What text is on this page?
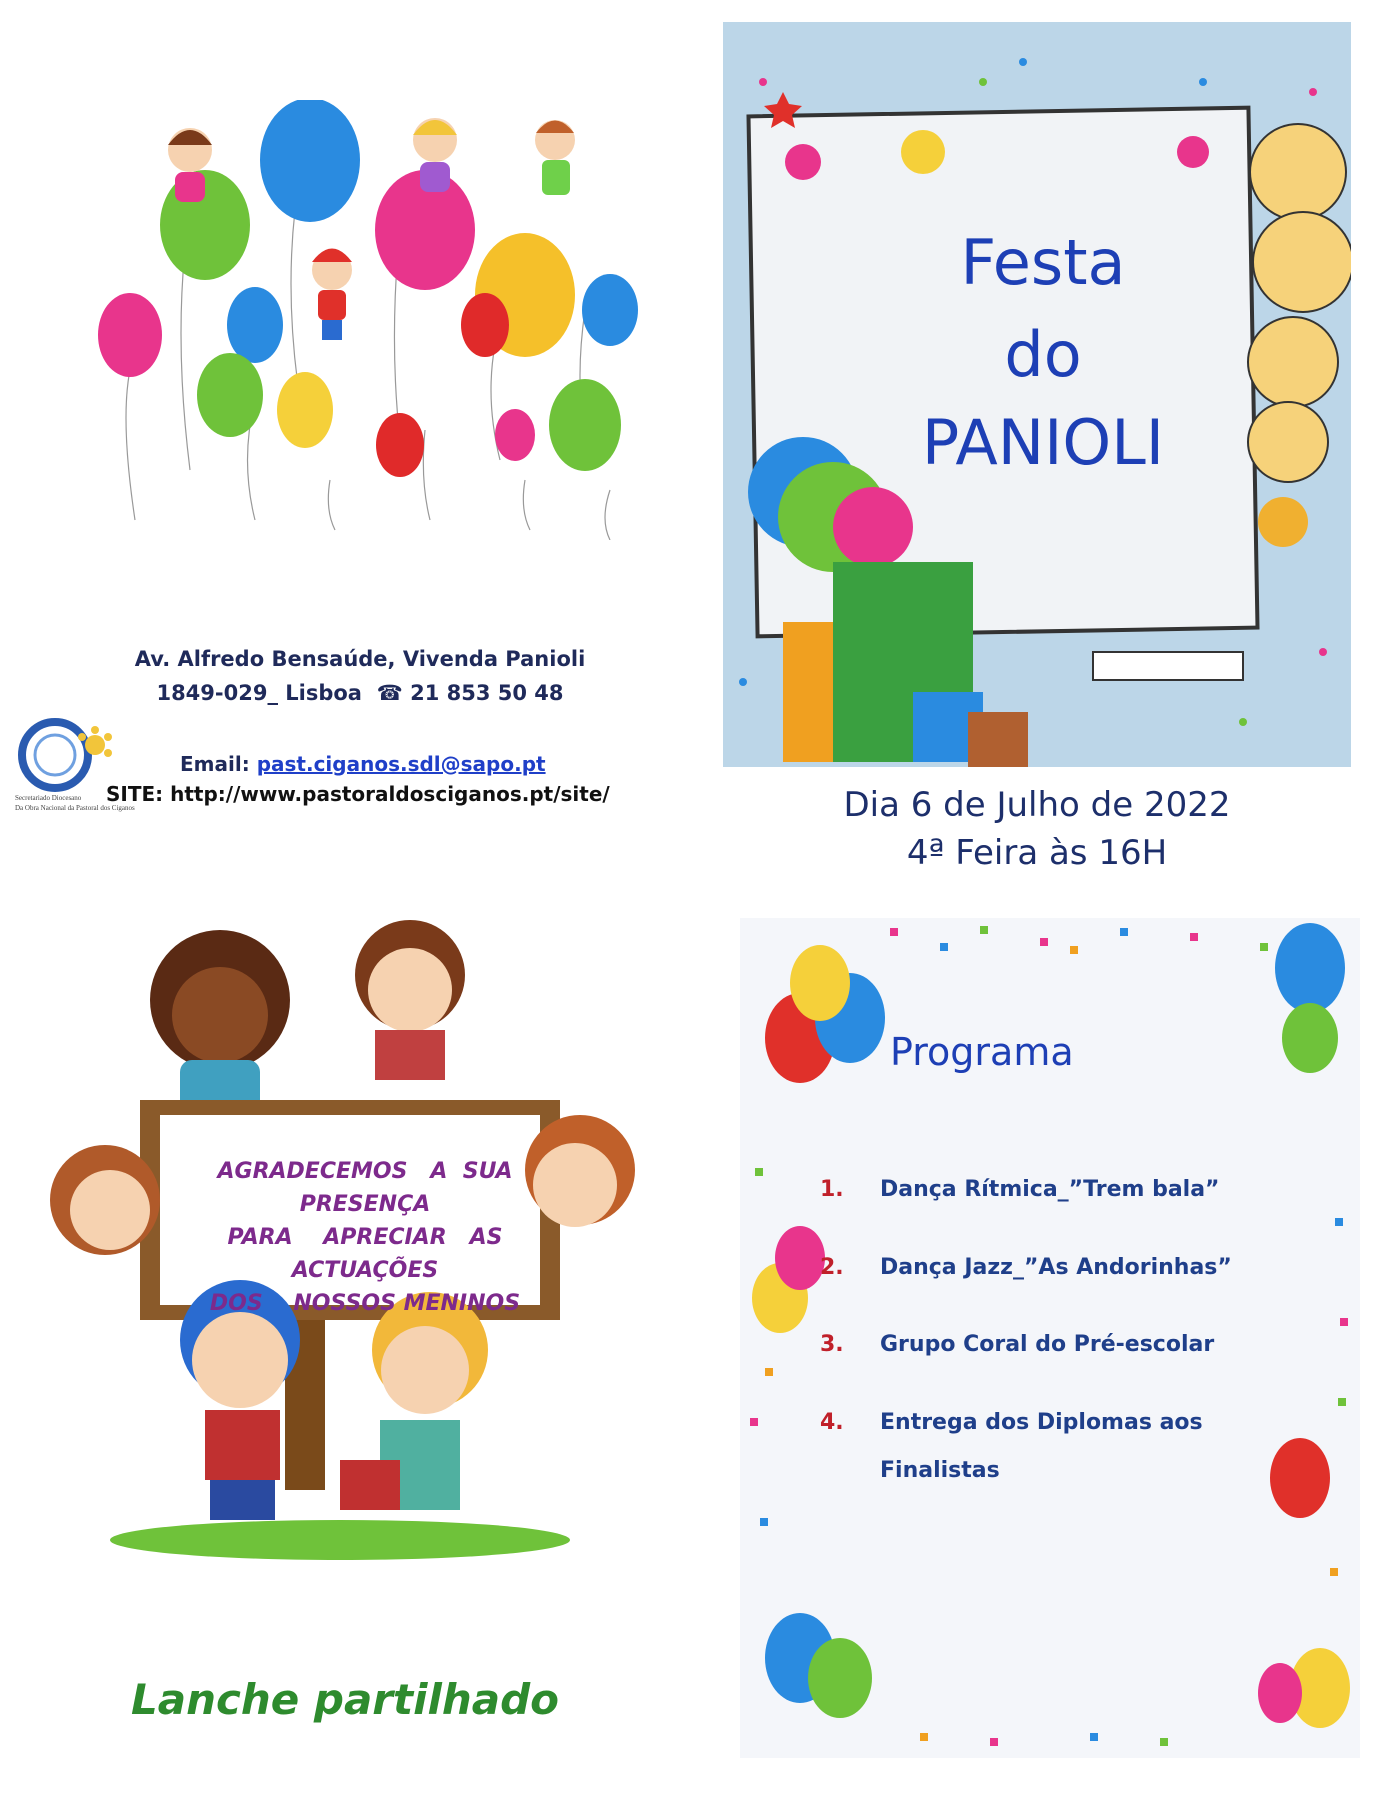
Av. Alfredo Bensaúde, Vivenda Panioli
1849-029_ Lisboa ☎ 21 853 50 48
Secretariado Diocesano
Da Obra Nacional da Pastoral dos Ciganos
Email: past.ciganos.sdl@sapo.pt
SITE: http://www.pastoraldosciganos.pt/site/
Festa
do
PANIOLI
Dia 6 de Julho de 2022
4ª Feira às 16H
AGRADECEMOS   A  SUA
PRESENÇA
PARA    APRECIAR   AS
ACTUAÇÕES
DOS    NOSSOS MENINOS
Lanche partilhado
Programa
1. Dança Rítmica_”Trem bala”
2. Dança Jazz_”As Andorinhas”
3. Grupo Coral do Pré-escolar
4. Entrega dos Diplomas aos
Finalistas
